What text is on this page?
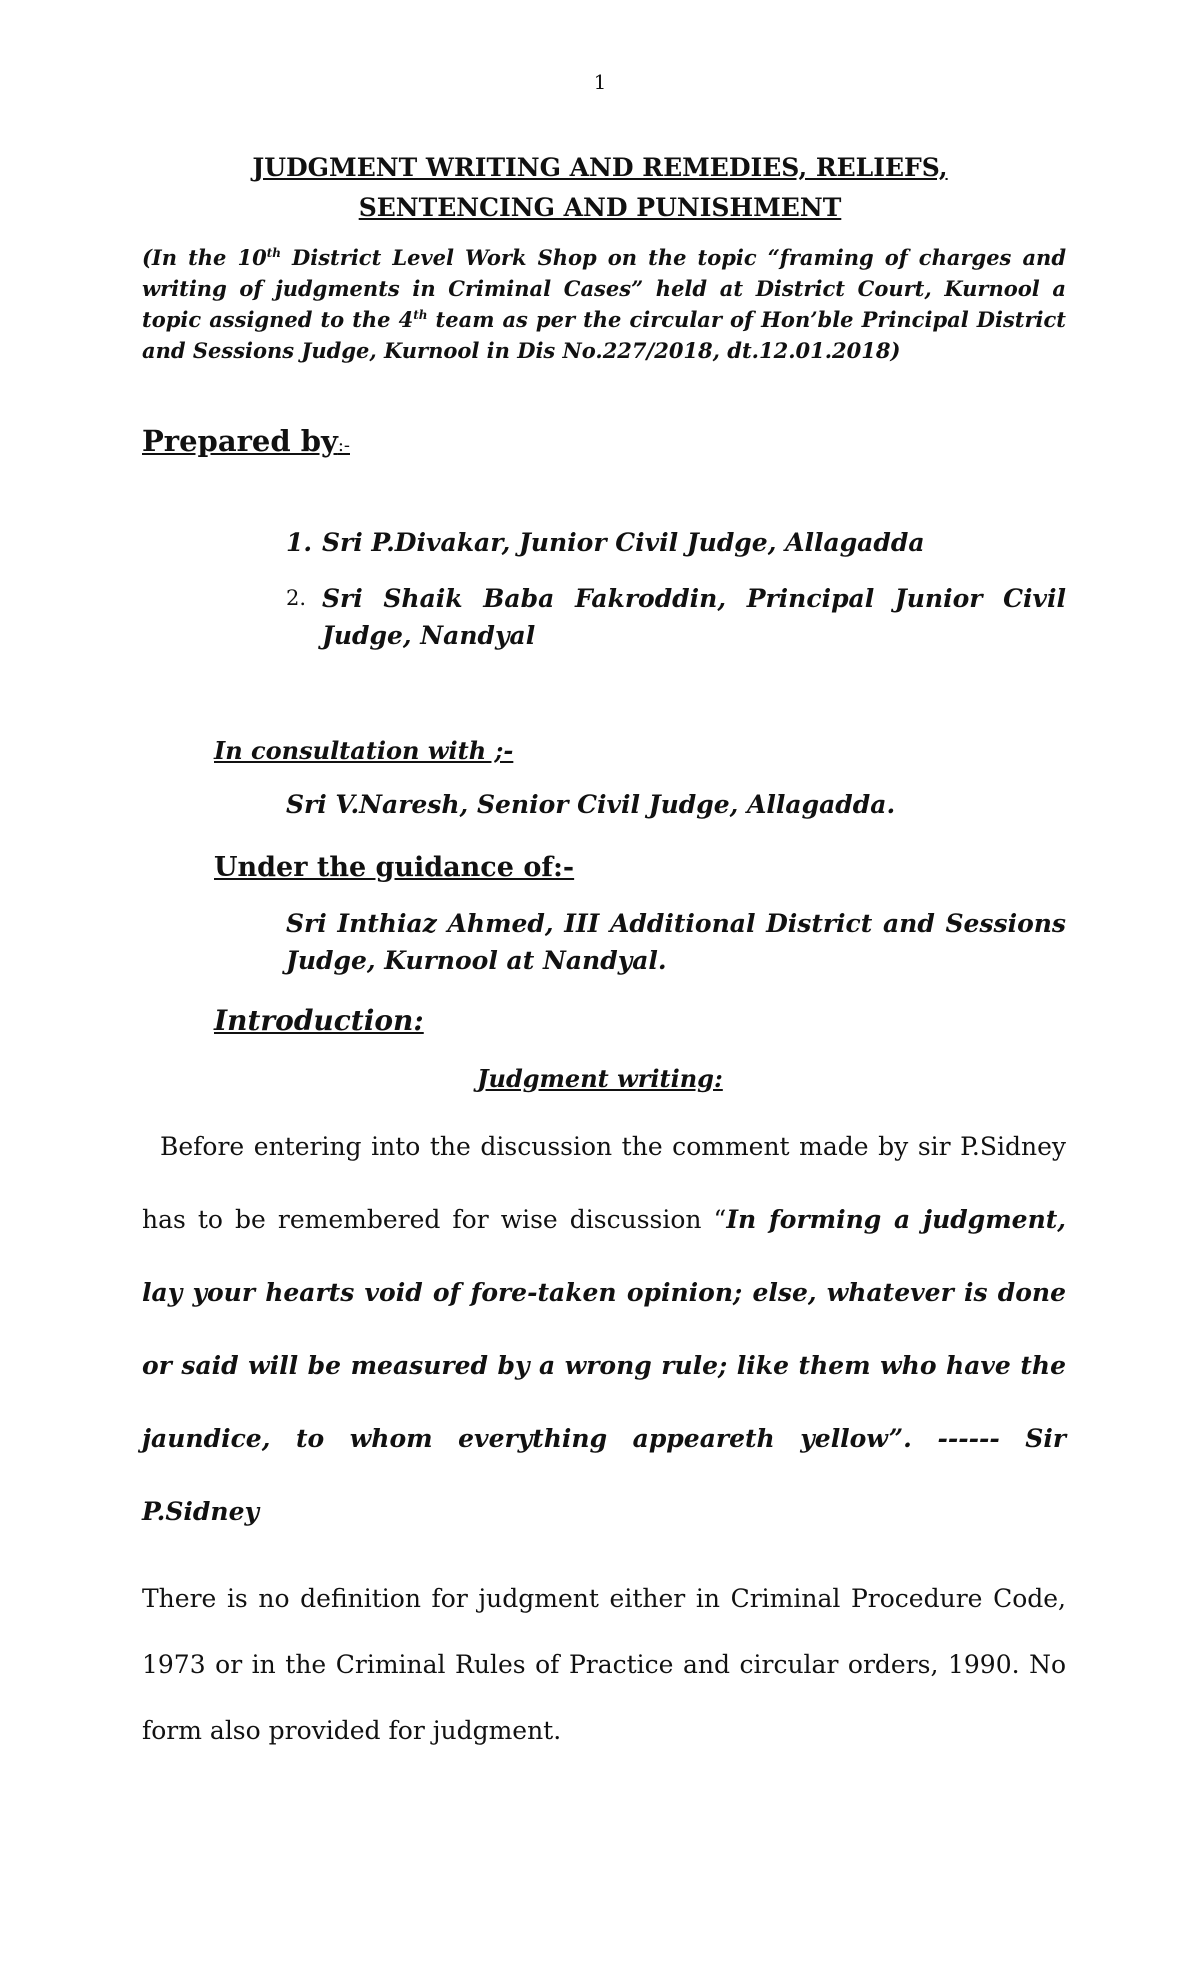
1
JUDGMENT WRITING AND REMEDIES, RELIEFS,
SENTENCING AND PUNISHMENT

(In the 10th District Level Work Shop on the topic “framing of charges and writing of judgments in Criminal Cases” held at District Court, Kurnool a topic assigned to the 4th team as per the circular of Hon’ble Principal District and Sessions Judge, Kurnool in Dis No.227/2018, dt.12.01.2018)

Prepared by:-
1. Sri P.Divakar, Junior Civil Judge, Allagadda
2. Sri Shaik Baba Fakroddin, Principal Junior Civil Judge, Nandyal
In consultation with ;-
Sri V.Naresh, Senior Civil Judge, Allagadda.
Under the guidance of:-

Sri Inthiaz Ahmed, III Additional District and Sessions Judge, Kurnool at Nandyal.

Introduction:
Judgment writing:

Before entering into the discussion the comment made by sir P.Sidney has to be remembered for wise discussion “In forming a judgment, lay your hearts void of fore-taken opinion; else, whatever is done or said will be measured by a wrong rule; like them who have the jaundice, to whom everything appeareth yellow”. ------ Sir P.Sidney

There is no definition for judgment either in Criminal Procedure Code, 1973 or in the Criminal Rules of Practice and circular orders, 1990. No form also provided for judgment.
